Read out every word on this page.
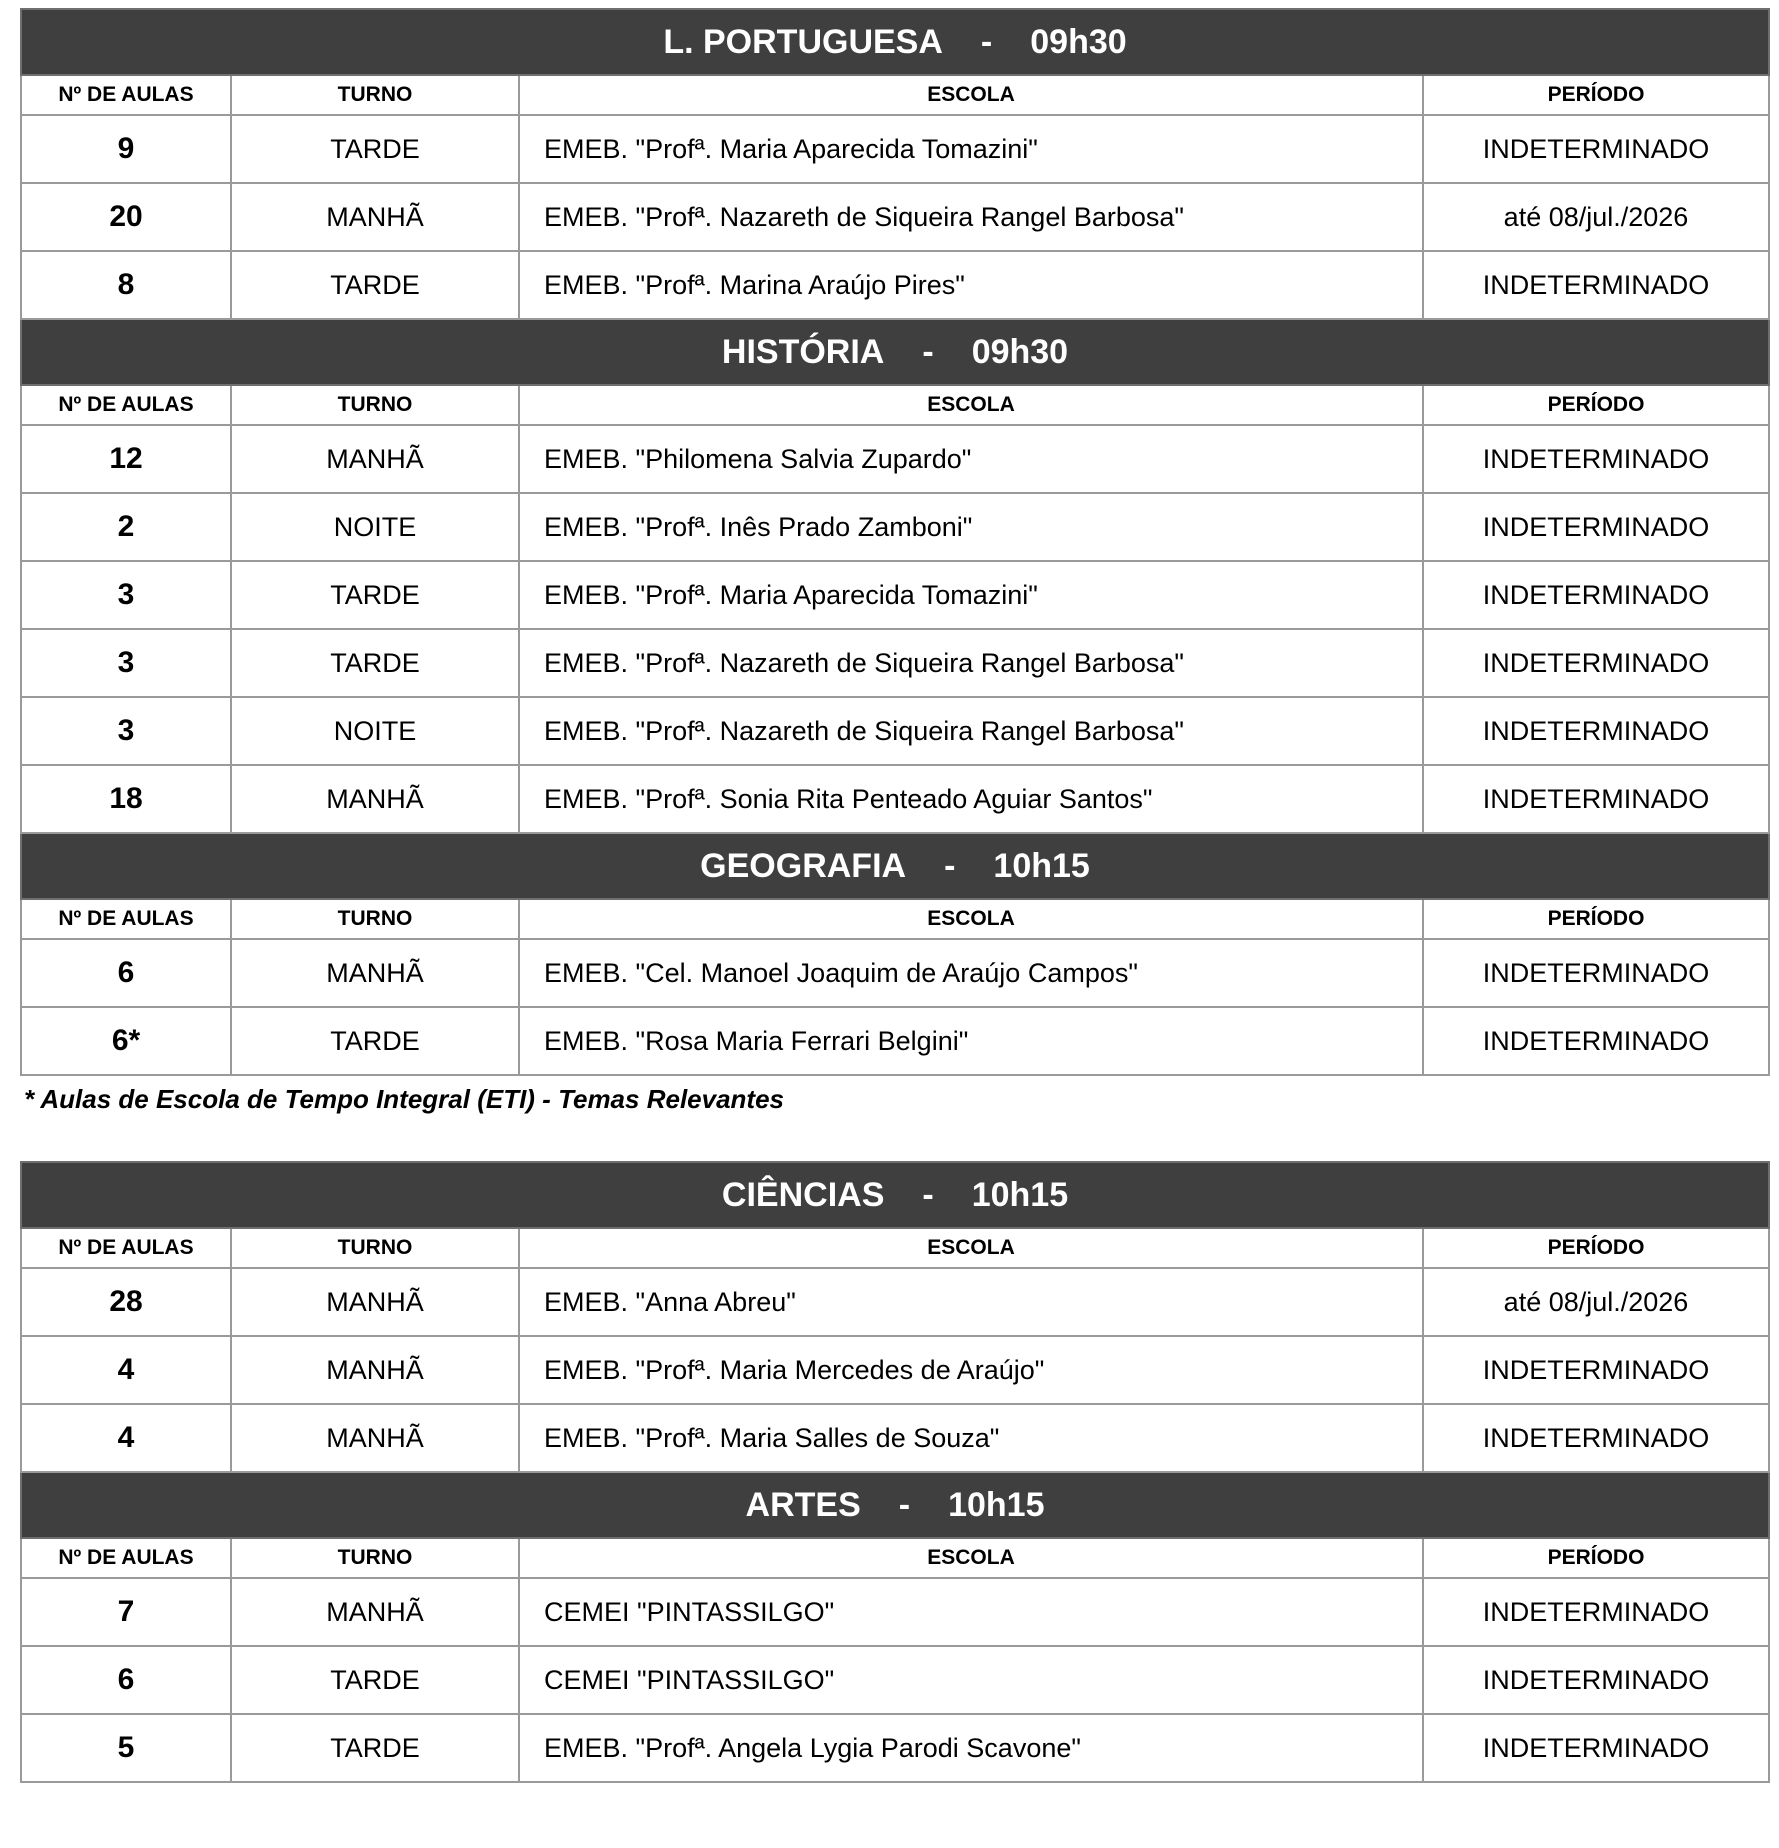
L. PORTUGUESA - 09h30			

Nº DE AULAS	TURNO	ESCOLA	PERÍODO
9	TARDE	EMEB. "Profª. Maria Aparecida Tomazini"	INDETERMINADO
20	MANHÃ	EMEB. "Profª. Nazareth de Siqueira Rangel Barbosa"	até 08/jul./2026
8	TARDE	EMEB. "Profª. Marina Araújo Pires"	INDETERMINADO

HISTÓRIA - 09h30			

Nº DE AULAS	TURNO	ESCOLA	PERÍODO
12	MANHÃ	EMEB. "Philomena Salvia Zupardo"	INDETERMINADO
2	NOITE	EMEB. "Profª. Inês Prado Zamboni"	INDETERMINADO
3	TARDE	EMEB. "Profª. Maria Aparecida Tomazini"	INDETERMINADO
3	TARDE	EMEB. "Profª. Nazareth de Siqueira Rangel Barbosa"	INDETERMINADO
3	NOITE	EMEB. "Profª. Nazareth de Siqueira Rangel Barbosa"	INDETERMINADO
18	MANHÃ	EMEB. "Profª. Sonia Rita Penteado Aguiar Santos"	INDETERMINADO

GEOGRAFIA - 10h15			

Nº DE AULAS	TURNO	ESCOLA	PERÍODO
6	MANHÃ	EMEB. "Cel. Manoel Joaquim de Araújo Campos"	INDETERMINADO
6*	TARDE	EMEB. "Rosa Maria Ferrari Belgini"	INDETERMINADO
* Aulas de Escola de Tempo Integral (ETI) - Temas Relevantes
CIÊNCIAS - 10h15			

Nº DE AULAS	TURNO	ESCOLA	PERÍODO
28	MANHÃ	EMEB. "Anna Abreu"	até 08/jul./2026
4	MANHÃ	EMEB. "Profª. Maria Mercedes de Araújo"	INDETERMINADO
4	MANHÃ	EMEB. "Profª. Maria Salles de Souza"	INDETERMINADO

ARTES - 10h15			

Nº DE AULAS	TURNO	ESCOLA	PERÍODO
7	MANHÃ	CEMEI "PINTASSILGO"	INDETERMINADO
6	TARDE	CEMEI "PINTASSILGO"	INDETERMINADO
5	TARDE	EMEB. "Profª. Angela Lygia Parodi Scavone"	INDETERMINADO
